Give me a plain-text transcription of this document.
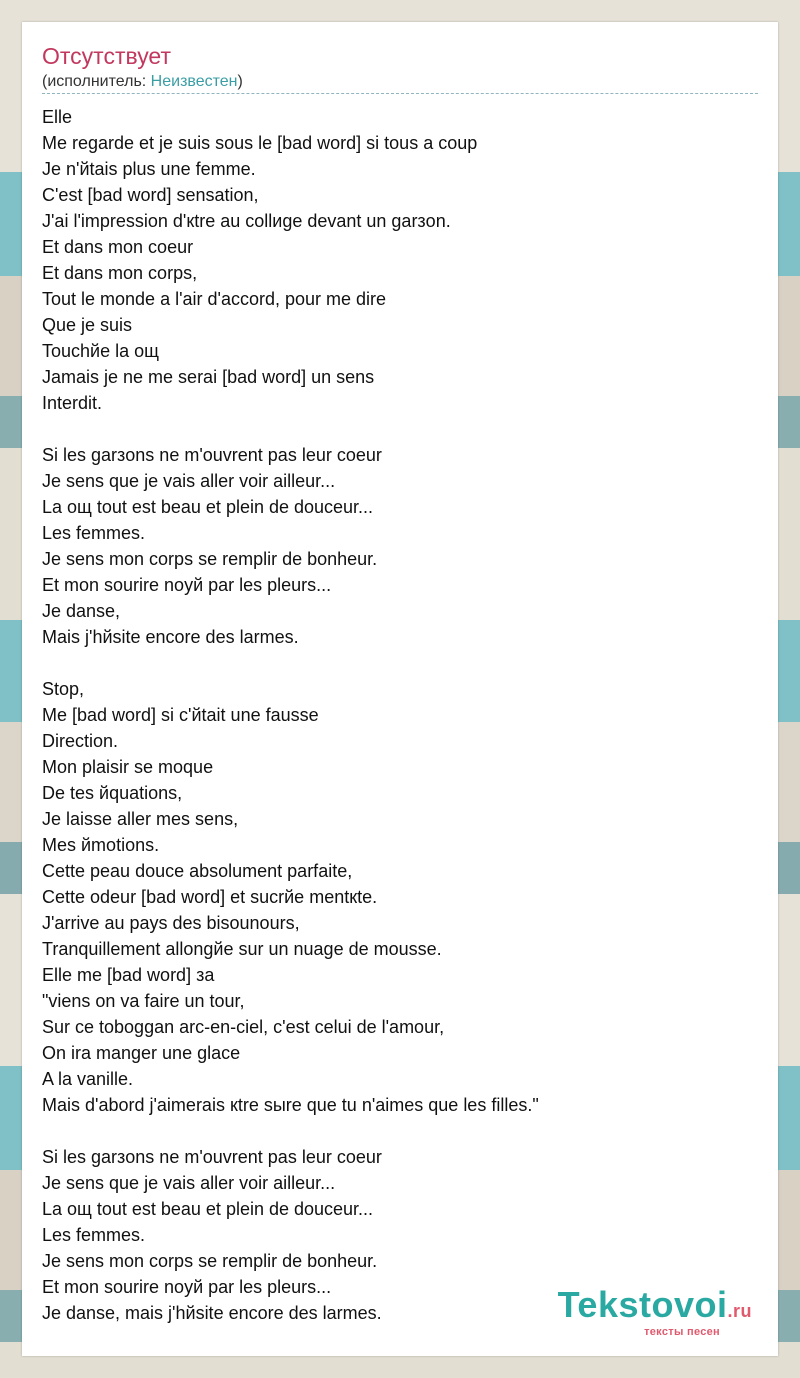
Отсутствует
(исполнитель: Неизвестен)
Elle
Me regarde et je suis sous le [bad word] si tous a coup
Je n'йtais plus une femme.
C'est [bad word] sensation,
J'ai l'impression d'кtre au collиge devant un garзon.
Et dans mon coeur
Et dans mon corps,
Tout le monde a l'air d'accord, pour me dire
Que je suis
Touchйe la ощ
Jamais je ne me serai [bad word] un sens
Interdit.
Si les garзons ne m'ouvrent pas leur coeur
Je sens que je vais aller voir ailleur...
La ощ tout est beau et plein de douceur...
Les femmes.
Je sens mon corps se remplir de bonheur.
Et mon sourire noyй par les pleurs...
Je danse,
Mais j'hйsite encore des larmes.
Stop,
Me [bad word] si c'йtait une fausse
Direction.
Mon plaisir se moque
De tes йquations,
Je laisse aller mes sens,
Mes йmotions.
Cette peau douce absolument parfaite,
Cette odeur [bad word] et sucrйe mentкte.
J'arrive au pays des bisounours,
Tranquillement allongйe sur un nuage de mousse.
Elle me [bad word] за
"viens on va faire un tour,
Sur ce toboggan arc-en-ciel, c'est celui de l'amour,
On ira manger une glace
A la vanille.
Mais d'abord j'aimerais кtre sыre que tu n'aimes que les filles."
Si les garзons ne m'ouvrent pas leur coeur
Je sens que je vais aller voir ailleur...
La ощ tout est beau et plein de douceur...
Les femmes.
Je sens mon corps se remplir de bonheur.
Et mon sourire noyй par les pleurs...
Je danse, mais j'hйsite encore des larmes.	Tekstovoi.ru
тексты песен
